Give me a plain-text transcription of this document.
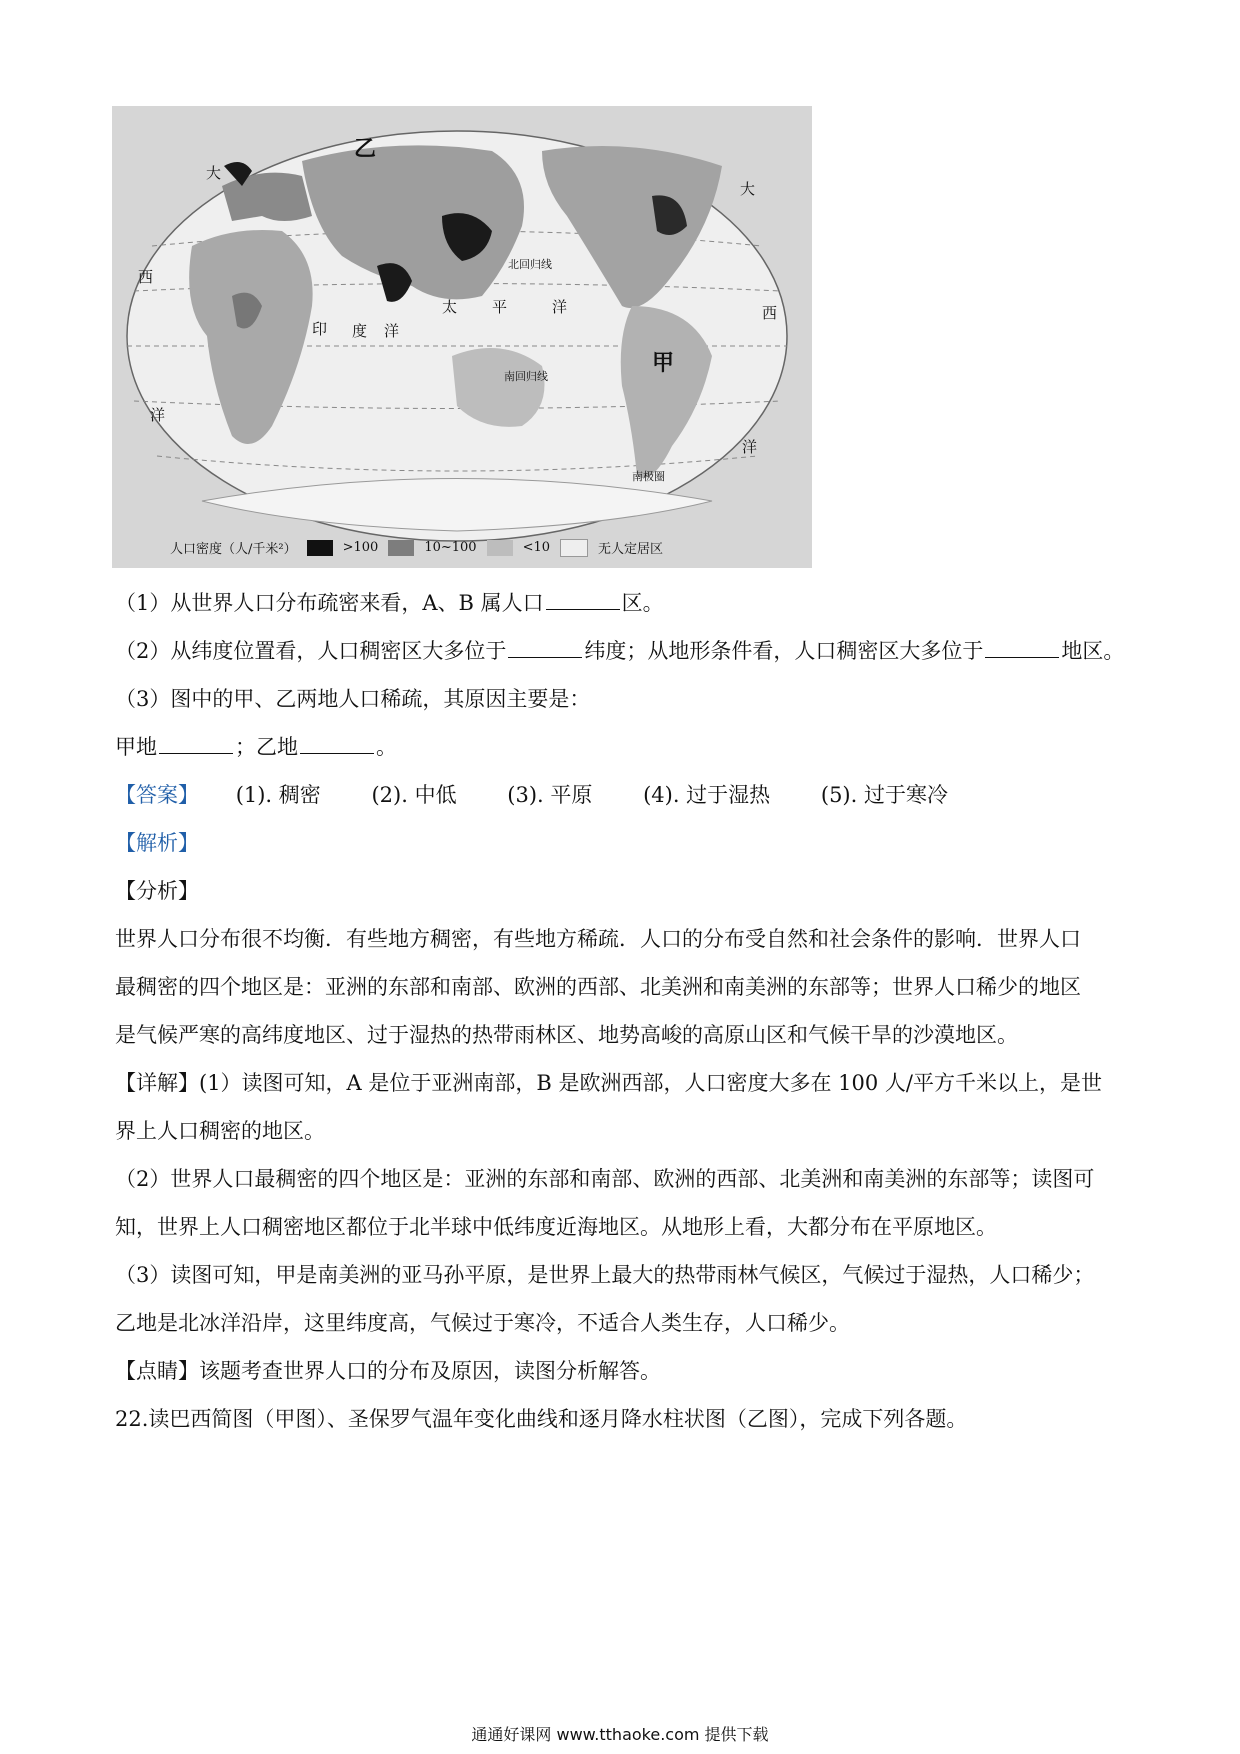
乙
甲
大
大
西
西
太 平	洋
印 度 洋
洋
洋
北回归线
南回归线
南极圈
人口密度（人/千米²）	>100	10~100	<10	无人定居区
（1）从世界人口分布疏密来看，A、B 属人口	区。
（2）从纬度位置看，人口稠密区大多位于	纬度；从地形条件看，人口稠密区大多位于	地区。
（3）图中的甲、乙两地人口稀疏，其原因主要是：
甲地	；乙地	。
【答案】 (1). 稠密 (2). 中低 (3). 平原 (4). 过于湿热 (5). 过于寒冷
【解析】
【分析】
世界人口分布很不均衡．有些地方稠密，有些地方稀疏．人口的分布受自然和社会条件的影响．世界人口
最稠密的四个地区是：亚洲的东部和南部、欧洲的西部、北美洲和南美洲的东部等；世界人口稀少的地区
是气候严寒的高纬度地区、过于湿热的热带雨林区、地势高峻的高原山区和气候干旱的沙漠地区。
【详解】(1）读图可知，A 是位于亚洲南部，B 是欧洲西部，人口密度大多在 100 人/平方千米以上，是世
界上人口稠密的地区。
（2）世界人口最稠密的四个地区是：亚洲的东部和南部、欧洲的西部、北美洲和南美洲的东部等；读图可
知，世界上人口稠密地区都位于北半球中低纬度近海地区。从地形上看，大都分布在平原地区。
（3）读图可知，甲是南美洲的亚马孙平原，是世界上最大的热带雨林气候区，气候过于湿热，人口稀少；
乙地是北冰洋沿岸，这里纬度高，气候过于寒冷，不适合人类生存，人口稀少。
【点睛】该题考查世界人口的分布及原因，读图分析解答。
22.读巴西简图（甲图）、圣保罗气温年变化曲线和逐月降水柱状图（乙图），完成下列各题。
通通好课网 www.tthaoke.com 提供下载
